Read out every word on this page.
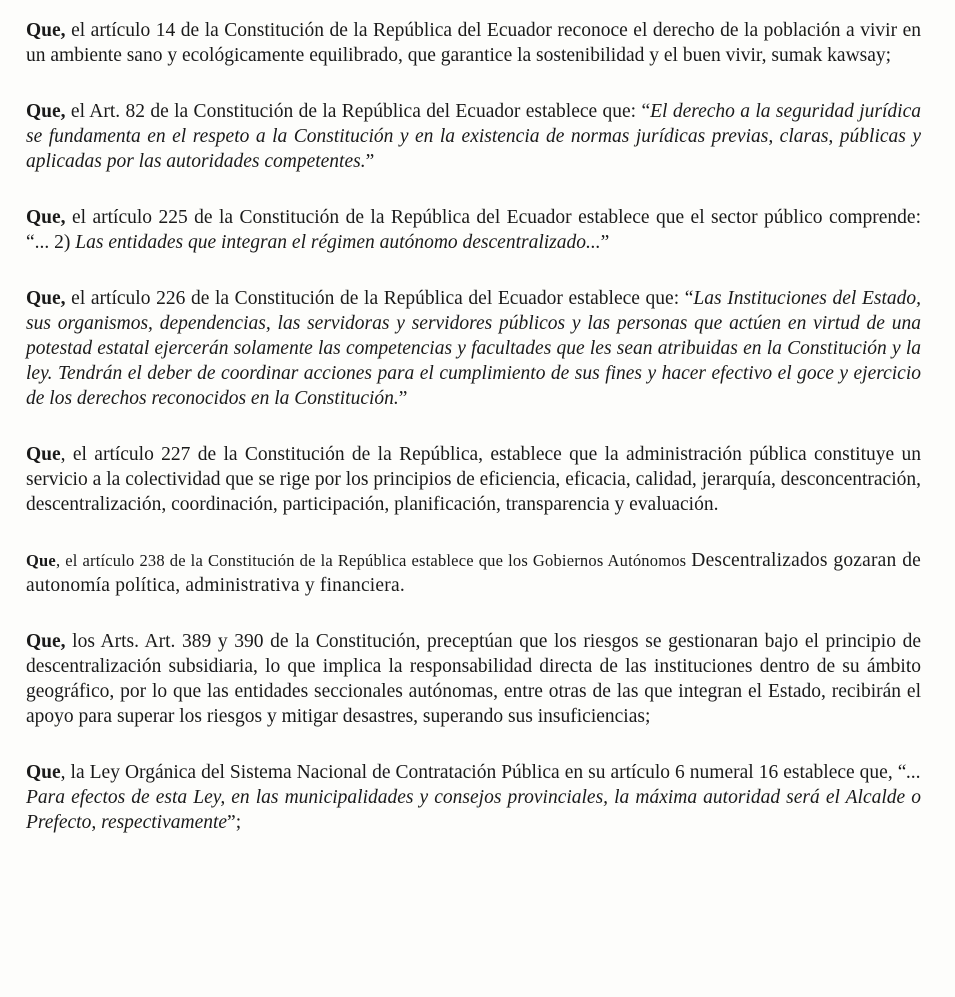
Que, el artículo 14 de la Constitución de la República del Ecuador reconoce el derecho de la población a vivir en un ambiente sano y ecológicamente equilibrado, que garantice la sostenibilidad y el buen vivir, sumak kawsay;

Que, el Art. 82 de la Constitución de la República del Ecuador establece que: “El derecho a la seguridad jurídica se fundamenta en el respeto a la Constitución y en la existencia de normas jurídicas previas, claras, públicas y aplicadas por las autoridades competentes.”

Que, el artículo 225 de la Constitución de la República del Ecuador establece que el sector público comprende: “... 2) Las entidades que integran el régimen autónomo descentralizado...”

Que, el artículo 226 de la Constitución de la República del Ecuador establece que: “Las Instituciones del Estado, sus organismos, dependencias, las servidoras y servidores públicos y las personas que actúen en virtud de una potestad estatal ejercerán solamente las competencias y facultades que les sean atribuidas en la Constitución y la ley. Tendrán el deber de coordinar acciones para el cumplimiento de sus fines y hacer efectivo el goce y ejercicio de los derechos reconocidos en la Constitución.”

Que, el artículo 227 de la Constitución de la República, establece que la administración pública constituye un servicio a la colectividad que se rige por los principios de eficiencia, eficacia, calidad, jerarquía, desconcentración, descentralización, coordinación, participación, planificación, transparencia y evaluación.

Que, el artículo 238 de la Constitución de la República establece que los Gobiernos Autónomos Descentralizados gozaran de autonomía política, administrativa y financiera.

Que, los Arts. Art. 389 y 390 de la Constitución, preceptúan que los riesgos se gestionaran bajo el principio de descentralización subsidiaria, lo que implica la responsabilidad directa de las instituciones dentro de su ámbito geográfico, por lo que las entidades seccionales autónomas, entre otras de las que integran el Estado, recibirán el apoyo para superar los riesgos y mitigar desastres, superando sus insuficiencias;

Que, la Ley Orgánica del Sistema Nacional de Contratación Pública en su artículo 6 numeral 16 establece que, “... Para efectos de esta Ley, en las municipalidades y consejos provinciales, la máxima autoridad será el Alcalde o Prefecto, respectivamente”;
